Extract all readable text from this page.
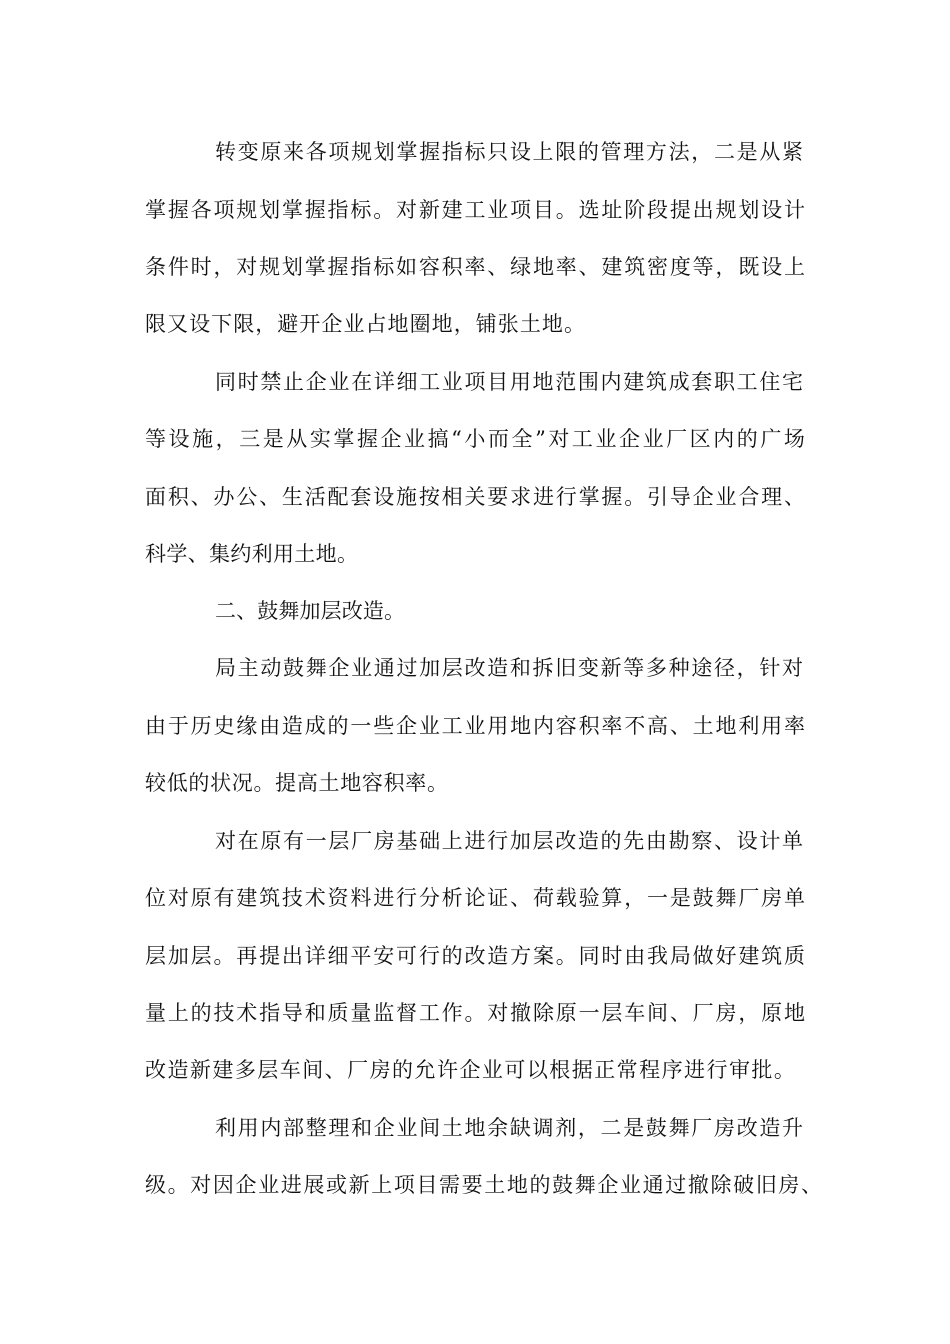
转变原来各项规划掌握指标只设上限的管理方法，二是从紧
掌握各项规划掌握指标。对新建工业项目。选址阶段提出规划设计
条件时，对规划掌握指标如容积率、绿地率、建筑密度等，既设上
限又设下限，避开企业占地圈地，铺张土地。
同时禁止企业在详细工业项目用地范围内建筑成套职工住宅
等设施，三是从实掌握企业搞“小而全”对工业企业厂区内的广场
面积、办公、生活配套设施按相关要求进行掌握。引导企业合理、
科学、集约利用土地。
二、鼓舞加层改造。
局主动鼓舞企业通过加层改造和拆旧变新等多种途径，针对
由于历史缘由造成的一些企业工业用地内容积率不高、土地利用率
较低的状况。提高土地容积率。
对在原有一层厂房基础上进行加层改造的先由勘察、设计单
位对原有建筑技术资料进行分析论证、荷载验算，一是鼓舞厂房单
层加层。再提出详细平安可行的改造方案。同时由我局做好建筑质
量上的技术指导和质量监督工作。对撤除原一层车间、厂房，原地
改造新建多层车间、厂房的允许企业可以根据正常程序进行审批。
利用内部整理和企业间土地余缺调剂，二是鼓舞厂房改造升
级。对因企业进展或新上项目需要土地的鼓舞企业通过撤除破旧房、
